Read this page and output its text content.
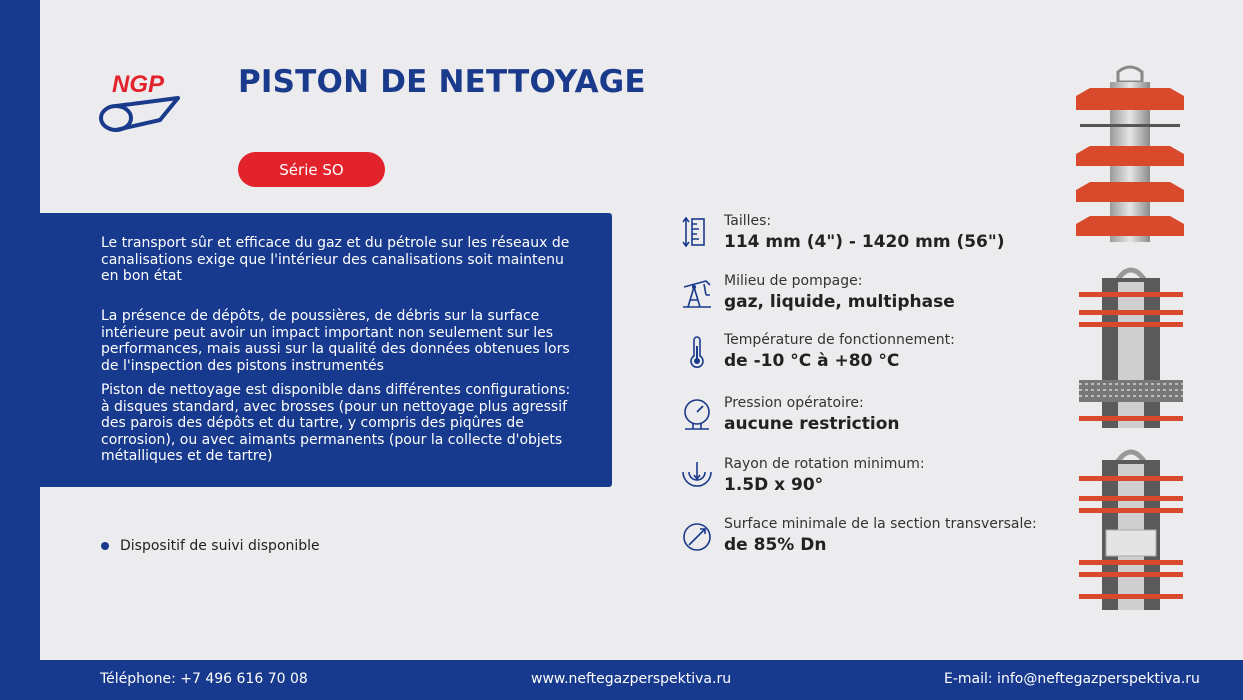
NGP PISTON DE NETTOYAGE
Série SO

Le transport sûr et efficace du gaz et du pétrole sur les réseaux de canalisations exige que l'intérieur des canalisations soit maintenu en bon état

La présence de dépôts, de poussières, de débris sur la surface intérieure peut avoir un impact important non seulement sur les performances, mais aussi sur la qualité des données obtenues lors de l'inspection des pistons instrumentés

Piston de nettoyage est disponible dans différentes configurations: à disques standard, avec brosses (pour un nettoyage plus agressif des parois des dépôts et du tartre, y compris des piqûres de corrosion), ou avec aimants permanents (pour la collecte d'objets métalliques et de tartre)

Dispositif de suivi disponible
Tailles:
114 mm (4") - 1420 mm (56")
Milieu de pompage:
gaz, liquide, multiphase
Température de fonctionnement:
de -10 °C à +80 °C
Pression opératoire:
aucune restriction
Rayon de rotation minimum:
1.5D x 90°
Surface minimale de la section transversale:
de 85% Dn
Téléphone: +7 496 616 70 08	www.neftegazperspektiva.ru	E-mail: info@neftegazperspektiva.ru
